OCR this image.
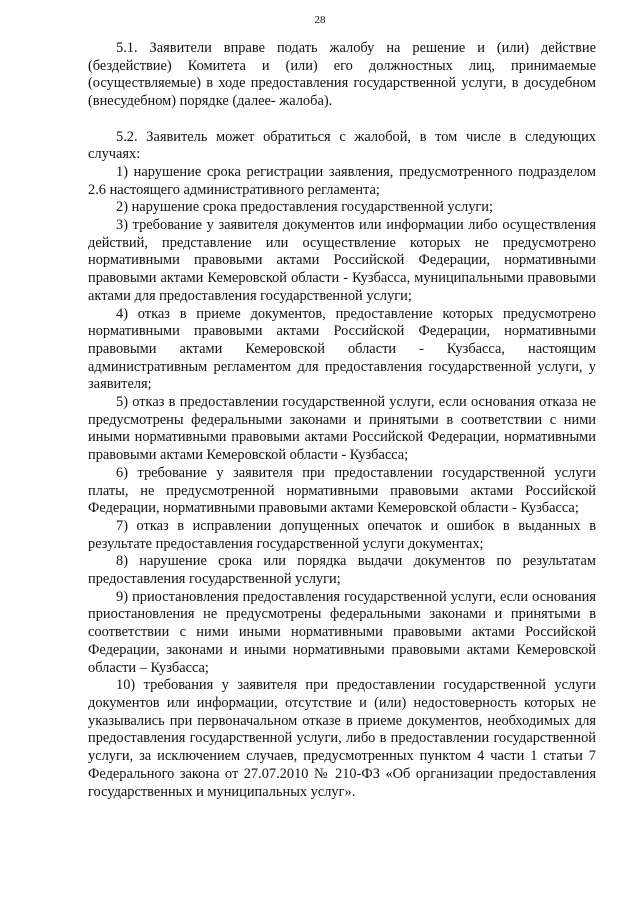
28

5.1. Заявители вправе подать жалобу на решение и (или) действие (бездействие) Комитета и (или) его должностных лиц, принимаемые (осуществляемые) в ходе предоставления государственной услуги, в досудебном (внесудебном) порядке (далее- жалоба).

5.2. Заявитель может обратиться с жалобой, в том числе в следующих случаях:

1) нарушение срока регистрации заявления, предусмотренного подразделом 2.6 настоящего административного регламента;

2) нарушение срока предоставления государственной услуги;

3) требование у заявителя документов или информации либо осуществления действий, представление или осуществление которых не предусмотрено нормативными правовыми актами Российской Федерации, нормативными правовыми актами Кемеровской области - Кузбасса, муниципальными правовыми актами для предоставления государственной услуги;

4) отказ в приеме документов, предоставление которых предусмотрено нормативными правовыми актами Российской Федерации, нормативными правовыми актами Кемеровской области - Кузбасса, настоящим административным регламентом для предоставления государственной услуги, у заявителя;

5) отказ в предоставлении государственной услуги, если основания отказа не предусмотрены федеральными законами и принятыми в соответствии с ними иными нормативными правовыми актами Российской Федерации, нормативными правовыми актами Кемеровской области - Кузбасса;

6) требование у заявителя при предоставлении государственной услуги платы, не предусмотренной нормативными правовыми актами Российской Федерации, нормативными правовыми актами Кемеровской области - Кузбасса;

7) отказ в исправлении допущенных опечаток и ошибок в выданных в результате предоставления государственной услуги документах;

8) нарушение срока или порядка выдачи документов по результатам предоставления государственной услуги;

9) приостановления предоставления государственной услуги, если основания приостановления не предусмотрены федеральными законами и принятыми в соответствии с ними иными нормативными правовыми актами Российской Федерации, законами и иными нормативными правовыми актами Кемеровской области – Кузбасса;

10) требования у заявителя при предоставлении государственной услуги документов или информации, отсутствие и (или) недостоверность которых не указывались при первоначальном отказе в приеме документов, необходимых для предоставления государственной услуги, либо в предоставлении государственной услуги, за исключением случаев, предусмотренных пунктом 4 части 1 статьи 7 Федерального закона от 27.07.2010 № 210-ФЗ «Об организации предоставления государственных и муниципальных услуг».
